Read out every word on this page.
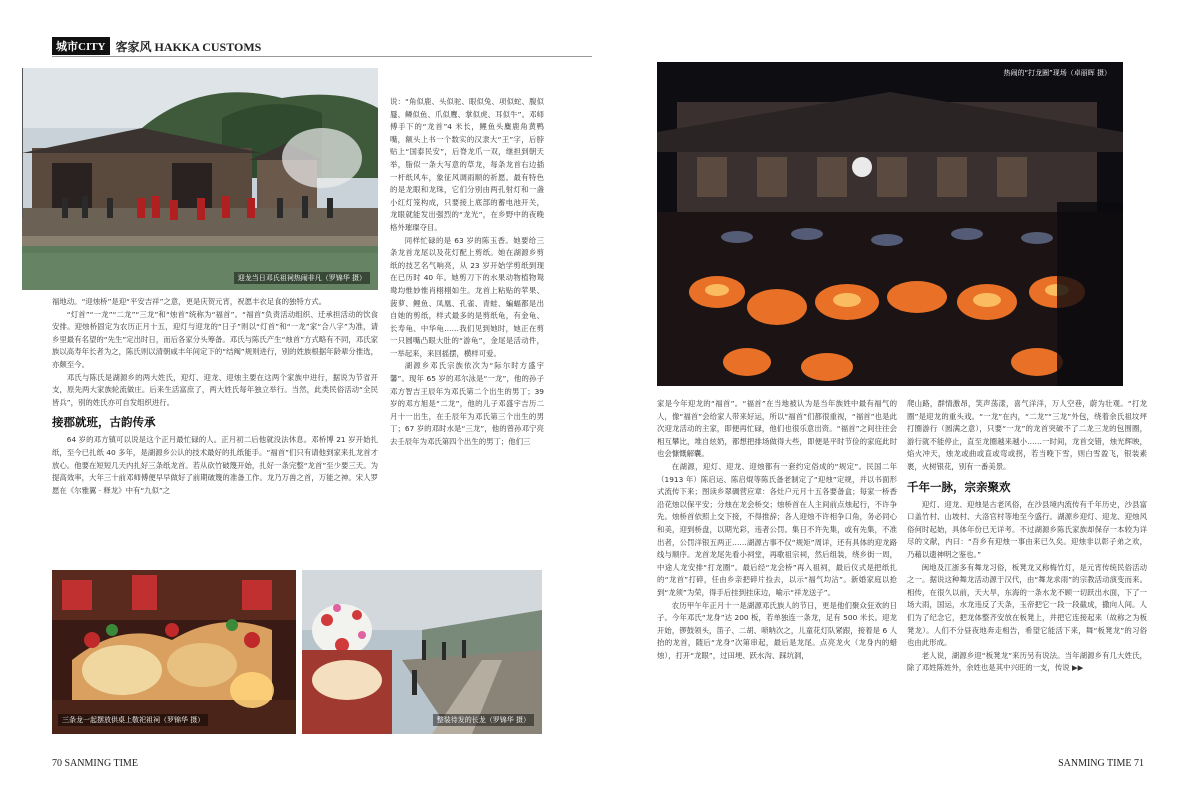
城市CITY 客家风 HAKKA CUSTOMS
迎龙当日邓氏祖祠热闹非凡（罗锦华 摄）
热闹的“打龙圈”现场（卓丽晖 摄）
三条龙一起摆放供桌上敬祀祖祠（罗锦华 摄）	整装待发的长龙（罗锦华 摄）

福地动。“迎烛桥”是迎“平安吉祥”之意，更是庆贺元宵，祝愿丰衣足食的独特方式。

“灯首”“一龙”“二龙”“三龙”和“烛首”统称为“福首”。“福首”负责活动组织、迁承担活动的饮食安排。迎烛桥固定为农历正月十五，迎灯与迎龙的“日子”则以“灯首”和“一龙”家“合八字”为准，请乡里最有名望的“先生”定出时日，而后各家分头筹备。邓氏与陈氏产生“烛首”方式略有不同，邓氏家族以高寿年长者为之，陈氏则以清朝咸丰年间定下的“结阄”规则进行，别的姓族根据年龄辈分推选，亦颇至今。

邓氏与陈氏是湖源乡的两大姓氏，迎灯、迎龙、迎烛主要在这两个家族中进行，据说为节省开支，原先两大家族轮流做庄。后来生活富庶了，两大姓氏每年独立举行。当然，此类民俗活动“全民皆兵”，别的姓氏亦可自发组织进行。

接郡就班，古韵传承

64 岁的邓方镇可以说是这个正月最忙碌的人。正月初二后他就没法休息。邓桥博 21 岁开始扎纸，至今已扎纸 40 多年，是湖源乡公认的技术最好的扎纸能手。“福首”们只有请他到家来扎龙首才放心。他要在短短几天内扎好三条纸龙首。若从砍竹破篾开始，扎好一条完整“龙首”至少要三天。为提高效率，大年三十前邓师傅便早早做好了前期破篾的准备工作。龙乃万兽之首，万能之神。宋人罗愿在《尔雅翼 · 释龙》中有“九似”之

说：“角似鹿、头似驼、眼似兔、项似蛇、腹似蜃、鳞似鱼、爪似鹰、掌似虎、耳似牛”。邓师傅手下的“龙首”4 米长，鲤鱼头麋鹿角黄鸭嘴，额头上书一个数实的汉隶大“王”字，后脖贴上“国泰民安”，后脊龙爪一双，继担到朝天举，脂似一条大写意的草龙，每条龙首右边插一杆纸风车，象征风调雨顺的祈愿。最有特色的是龙眼和龙珠，它们分别由两孔射灯和一盏小红灯笼构成，只要接上底部的蓄电池开关，龙眼就能发出强烈的“龙光”，在乡野中的夜晚格外璀璨夺目。

同样忙碌的是 63 岁的陈玉香。她要给三条龙首龙尾以及花灯配上剪纸。她在湖源乡剪纸的技艺名气响亮，从 23 岁开始学剪纸到现在已历时 40 年。她剪刀下的水果动物植物鸳鸯均惟妙惟肖栩栩如生。龙首上粘贴的苹果、菠萝、鲤鱼、凤凰、孔雀、青蛙、蝙蝠都是出自她的剪纸，样式最多的是剪纸龟，有金龟、长寿龟、中华龟……我们见到她时，她正在剪一只圆嘴凸眼大肚的“游龟”，金尾是活动件，一举起来，来回摇摆，横样可爱。

湖源乡邓氏宗族依次为“际尔时方盛宇馨”。现年 65 岁的邓尔泳是“一龙”，他的孙子邓方智吉王辰年为邓氏第二个出生的男丁；39 岁的邓方旭是“二龙”，他的儿子邓盛宇吉历二月十一出生，在壬辰年为邓氏第三个出生的男丁；67 岁的邓时水是“三龙”，他的曾孙邓宁亮去壬辰年为邓氏第四个出生的男丁；他们三

家是今年迎龙的“福首”。“福首”在当地被认为是当年族姓中最有福气的人，像“福首”会给家人带来好运，所以“福首”们都很重视，“福首”也是此次迎龙活动的主家，即便再忙碌，他们也很乐意出资。“福首”之间往往会相互攀比，堆自炫奶，都想把排场做得大些，即便是平时节俭的家庭此时也会慷慨解囊。

在湖源，迎灯、迎龙、迎烛都有一套约定俗成的“规定”。民国二年（1913 年）陈启运、陈启焜等陈氏备老制定了“迎烛”定规，并以书面形式流传下来；图读乡翠碉营应章：各灶户元月十五各要备盒；每家一桥香沿花烛以保平安；分烛在龙会桥交；烛桥首在人主间前点烛起行，不许争先。烛桥首依照上交下接，不得推辞；各人迎烛不许相争口角，务必同心和美，迎到桥盘，以期光彩，违者公罚。集日不许先集，或有先集，不准出者，公罚洋银五两正……湖源古事不仅“规矩”周详，还有具体的迎龙路线与顺序。龙首龙尾先看小祠堂，再歌祖宗祠，然后组装，绕乡街一周，中途人龙安排“打龙圈”。最后经“龙会桥”再入祖祠，最后仪式是把纸扎的“龙首”打碎，任由乡亲把碎片捡去，以示“福气均沾”。新婚家庭以抢到“龙须”为荣，得手后挂到挂床边，喻示“祥龙送子”。

农历甲午年正月十一是湖源邓氏族人的节日，更是他们聚众狂欢的日子。今年邓氏“龙身”达 200 板，若单独连一条龙，足有 500 米长。迎龙开始，锣鼓领头，笛子、二胡、唢呐次之，儿童花灯队紧跟，接着是 6 人抬的龙首，随后“龙身”次第串起，最后是龙尾。点亮龙火（龙身内的蜡烛），打开“龙眼”，过田埂、跃水沟、踩坑洞，

爬山路，群情激昂，笑声荡漾，喜气洋洋，万人空巷，蔚为壮观。“打龙圈”是迎龙的重头戏。“一龙”在内，“二龙”“三龙”外包，绕着余氏祖坟坪打圈游行（圆满之意），只要“一龙”的龙首突破不了二龙三龙的包围圈，游行就不能停止，直至龙圈越来越小……一时间，龙首交错，烛光辉映，焰火冲天，烛龙或曲或直或弯或拐，若当晚下雪，则白雪盈飞，银装素裹，火树银花，别有一番美景。

千年一脉，宗亲聚欢

迎灯、迎龙、迎烛是古老风俗，在沙县境内流传有千年历史，沙县富口盖竹村、山坡村、大洛官村等地至今盛行。湖源乡迎灯、迎龙、迎烛风俗何时起始，具体年份已无详考。不过湖源乡陈氏家族却保存一本较为详尽的文献，内曰：“吾乡有迎烛一事由来已久矣。迎烛非以彰子弟之欢，乃藉以遗神明之鉴也。”

闽地及江浙多有舞龙习俗，板凳龙又称梅竹灯，是元宵传统民俗活动之一。据说这种舞龙活动源于汉代，由“舞龙求雨”的宗教活动演变而来。相传，在很久以前，天大旱，东海的一条水龙不顾一切跃出水面，下了一场大雨，国运，水龙违反了天条，玉帝把它一段一段截成，撒向人间。人们为了纪念它，把龙体整齐安放在板凳上，并把它连接起来（故称之为板凳龙）。人们不分昼夜地奔走相告，希望它能活下来，舞“板凳龙”的习俗也由此形成。

老人说，湖源乡迎“板凳龙”来历另有说法。当年湖源乡有几大姓氏，除了邓姓陈姓外，余姓也是其中兴旺的一支，传说 ▶▶

70 SANMING TIME	SANMING TIME 71
